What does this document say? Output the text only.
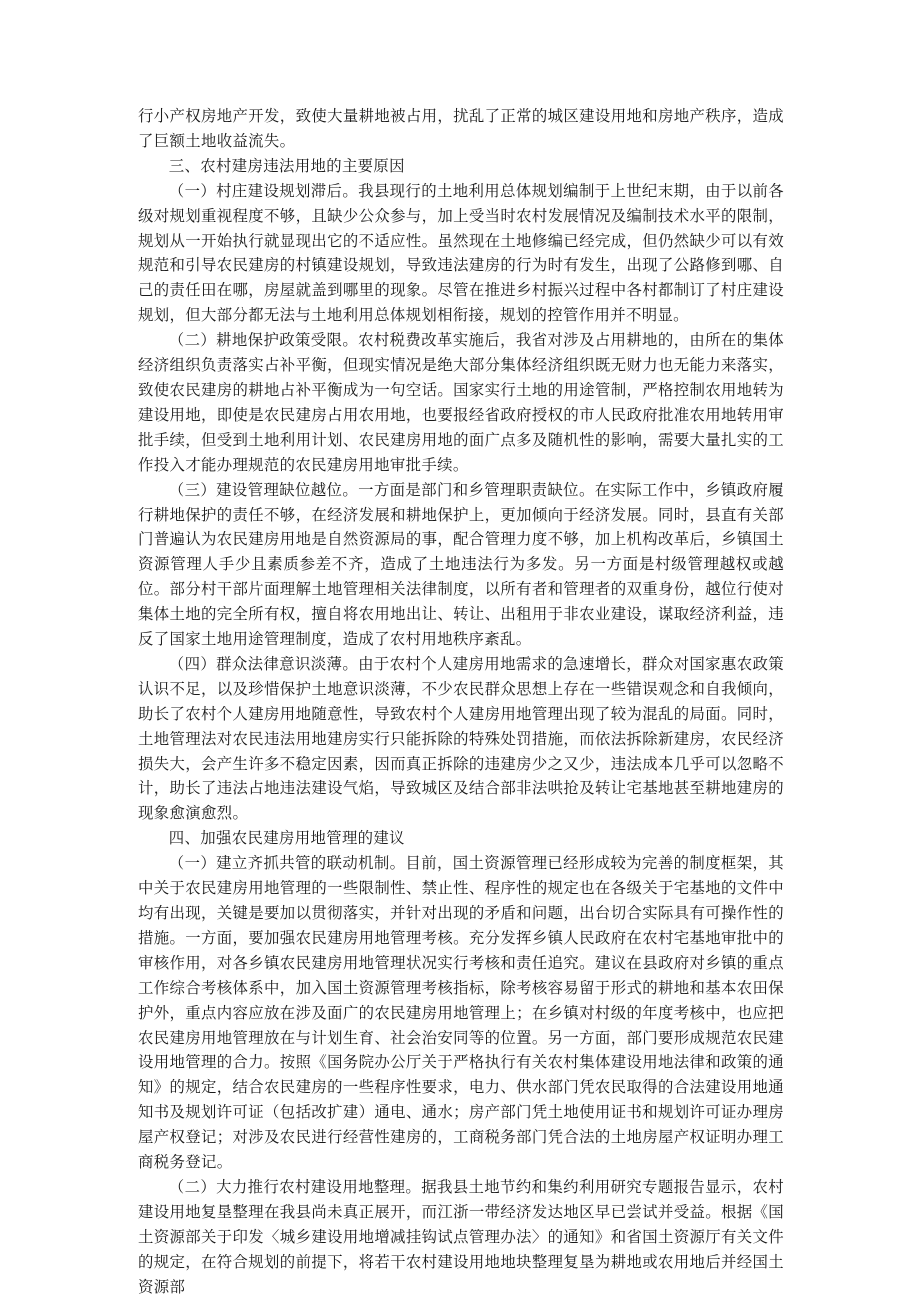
行小产权房地产开发，致使大量耕地被占用，扰乱了正常的城区建设用地和房地产秩序，造成了巨额土地收益流失。

三、农村建房违法用地的主要原因

（一）村庄建设规划滞后。我县现行的土地利用总体规划编制于上世纪末期，由于以前各级对规划重视程度不够，且缺少公众参与，加上受当时农村发展情况及编制技术水平的限制，规划从一开始执行就显现出它的不适应性。虽然现在土地修编已经完成，但仍然缺少可以有效规范和引导农民建房的村镇建设规划，导致违法建房的行为时有发生，出现了公路修到哪、自己的责任田在哪，房屋就盖到哪里的现象。尽管在推进乡村振兴过程中各村都制订了村庄建设规划，但大部分都无法与土地利用总体规划相衔接，规划的控管作用并不明显。

（二）耕地保护政策受限。农村税费改革实施后，我省对涉及占用耕地的，由所在的集体经济组织负责落实占补平衡，但现实情况是绝大部分集体经济组织既无财力也无能力来落实，致使农民建房的耕地占补平衡成为一句空话。国家实行土地的用途管制，严格控制农用地转为建设用地，即使是农民建房占用农用地，也要报经省政府授权的市人民政府批准农用地转用审批手续，但受到土地利用计划、农民建房用地的面广点多及随机性的影响，需要大量扎实的工作投入才能办理规范的农民建房用地审批手续。

（三）建设管理缺位越位。一方面是部门和乡管理职责缺位。在实际工作中，乡镇政府履行耕地保护的责任不够，在经济发展和耕地保护上，更加倾向于经济发展。同时，县直有关部门普遍认为农民建房用地是自然资源局的事，配合管理力度不够，加上机构改革后，乡镇国土资源管理人手少且素质参差不齐，造成了土地违法行为多发。另一方面是村级管理越权或越位。部分村干部片面理解土地管理相关法律制度，以所有者和管理者的双重身份，越位行使对集体土地的完全所有权，擅自将农用地出让、转让、出租用于非农业建设，谋取经济利益，违反了国家土地用途管理制度，造成了农村用地秩序紊乱。

（四）群众法律意识淡薄。由于农村个人建房用地需求的急速增长，群众对国家惠农政策认识不足，以及珍惜保护土地意识淡薄，不少农民群众思想上存在一些错误观念和自我倾向，助长了农村个人建房用地随意性，导致农村个人建房用地管理出现了较为混乱的局面。同时，土地管理法对农民违法用地建房实行只能拆除的特殊处罚措施，而依法拆除新建房，农民经济损失大，会产生许多不稳定因素，因而真正拆除的违建房少之又少，违法成本几乎可以忽略不计，助长了违法占地违法建设气焰，导致城区及结合部非法哄抢及转让宅基地甚至耕地建房的现象愈演愈烈。

四、加强农民建房用地管理的建议

（一）建立齐抓共管的联动机制。目前，国土资源管理已经形成较为完善的制度框架，其中关于农民建房用地管理的一些限制性、禁止性、程序性的规定也在各级关于宅基地的文件中均有出现，关键是要加以贯彻落实，并针对出现的矛盾和问题，出台切合实际具有可操作性的措施。一方面，要加强农民建房用地管理考核。充分发挥乡镇人民政府在农村宅基地审批中的审核作用，对各乡镇农民建房用地管理状况实行考核和责任追究。建议在县政府对乡镇的重点工作综合考核体系中，加入国土资源管理考核指标，除考核容易留于形式的耕地和基本农田保护外，重点内容应放在涉及面广的农民建房用地管理上；在乡镇对村级的年度考核中，也应把农民建房用地管理放在与计划生育、社会治安同等的位置。另一方面，部门要形成规范农民建设用地管理的合力。按照《国务院办公厅关于严格执行有关农村集体建设用地法律和政策的通知》的规定，结合农民建房的一些程序性要求，电力、供水部门凭农民取得的合法建设用地通知书及规划许可证（包括改扩建）通电、通水；房产部门凭土地使用证书和规划许可证办理房屋产权登记；对涉及农民进行经营性建房的，工商税务部门凭合法的土地房屋产权证明办理工商税务登记。

（二）大力推行农村建设用地整理。据我县土地节约和集约利用研究专题报告显示，农村建设用地复垦整理在我县尚未真正展开，而江浙一带经济发达地区早已尝试并受益。根据《国土资源部关于印发〈城乡建设用地增减挂钩试点管理办法〉的通知》和省国土资源厅有关文件的规定，在符合规划的前提下，将若干农村建设用地地块整理复垦为耕地或农用地后并经国土资源部
